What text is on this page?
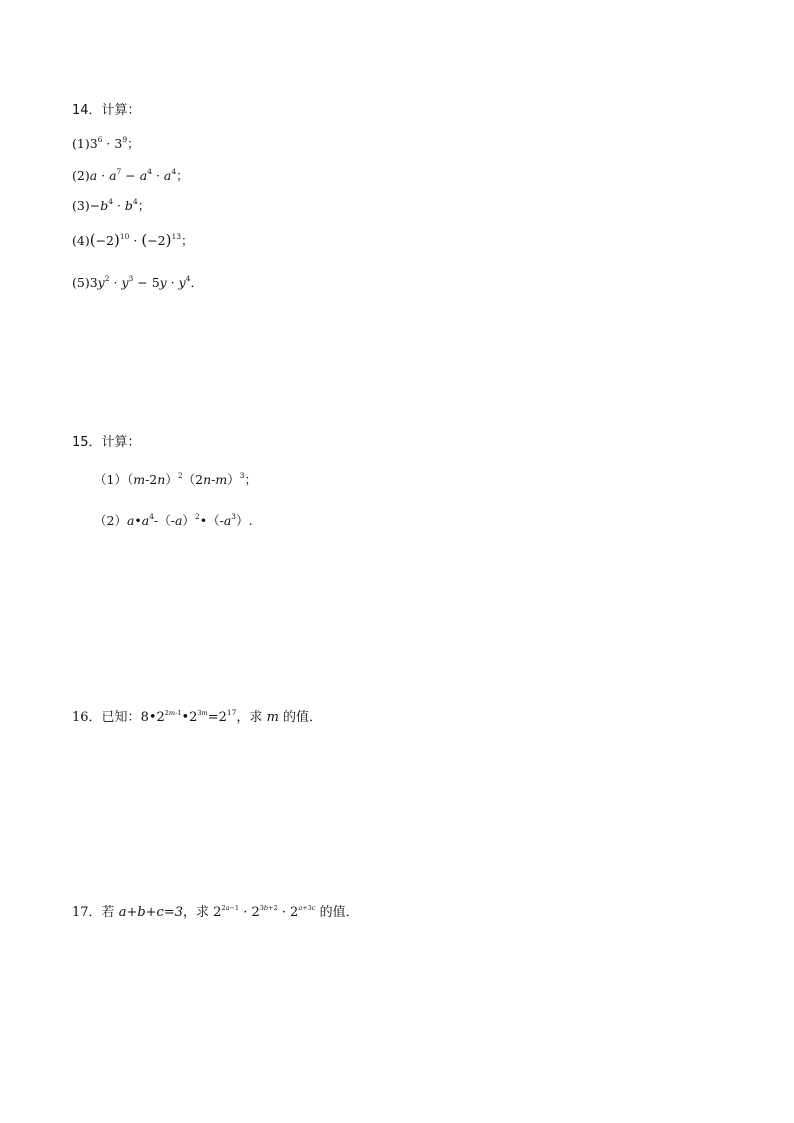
14．计算：
$(1)3^6 \cdot 3^9$；
$(2)a \cdot a^7 - a^4 \cdot a^4$；
$(3)-b^4 \cdot b^4$；
$(4)(-2)^{10} \cdot (-2)^{13}$；
$(5)3y^2 \cdot y^3 - 5y \cdot y^4$．
15．计算：
$(1)(m-2n)^2(2n-m)^3$；
$(2)a•a^4-(-a)^2•(-a^3)$.
16．已知：$8•2^{2m-1}•2^{3m}=2^{17}$，求 m 的值．
17．若 a+b+c=3，求 $2^{2a-1} \cdot 2^{3b+2} \cdot 2^{a+3c}$ 的值．
